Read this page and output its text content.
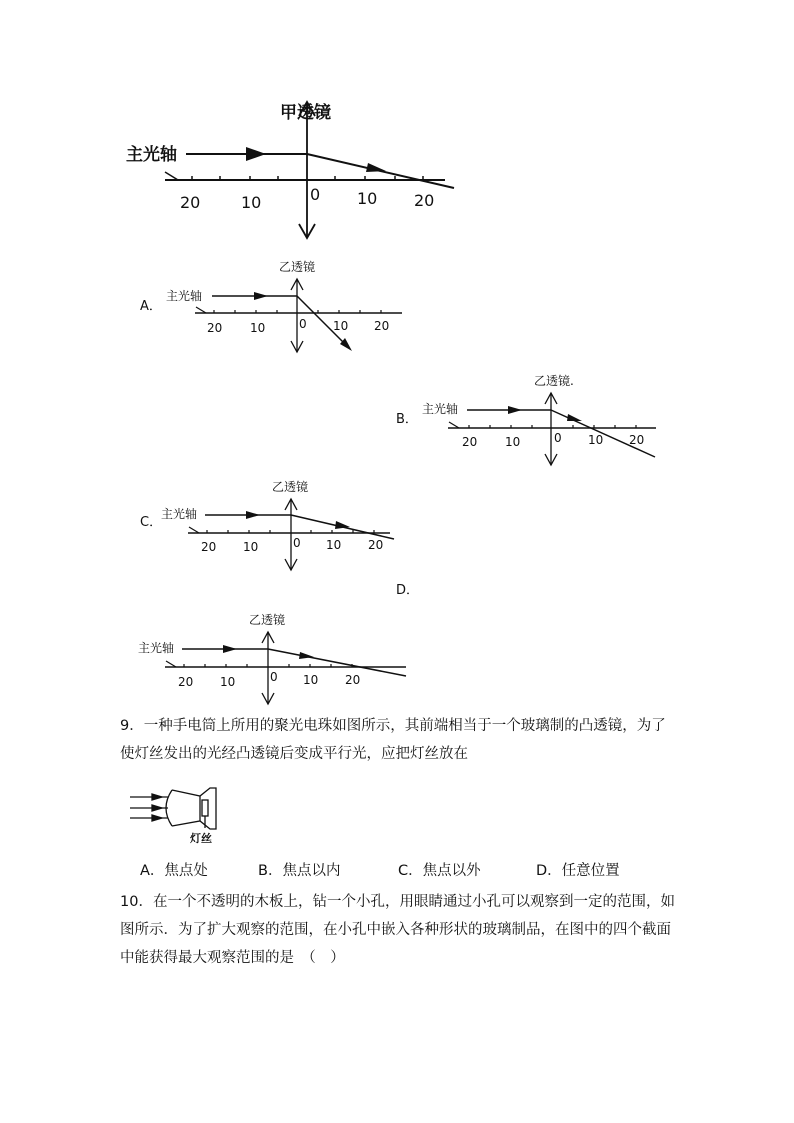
甲透镜
主光轴
20	10	0 10 20
A．
乙透镜
主光轴
20 10	0 10 20
B．
乙透镜.
主光轴
20 10	0 10 20
C．
乙透镜
主光轴
20 10	0 10 20
D．
乙透镜
主光轴
20 10	0 10 20
灯丝
9．一种手电筒上所用的聚光电珠如图所示，其前端相当于一个玻璃制的凸透镜，为了使灯丝发出的光经凸透镜后变成平行光，应把灯丝放在
A．焦点处	B．焦点以内	C．焦点以外	D．任意位置
10．在一个不透明的木板上，钻一个小孔，用眼睛通过小孔可以观察到一定的范围，如图所示．为了扩大观察的范围，在小孔中嵌入各种形状的玻璃制品，在图中的四个截面中能获得最大观察范围的是　（　）
